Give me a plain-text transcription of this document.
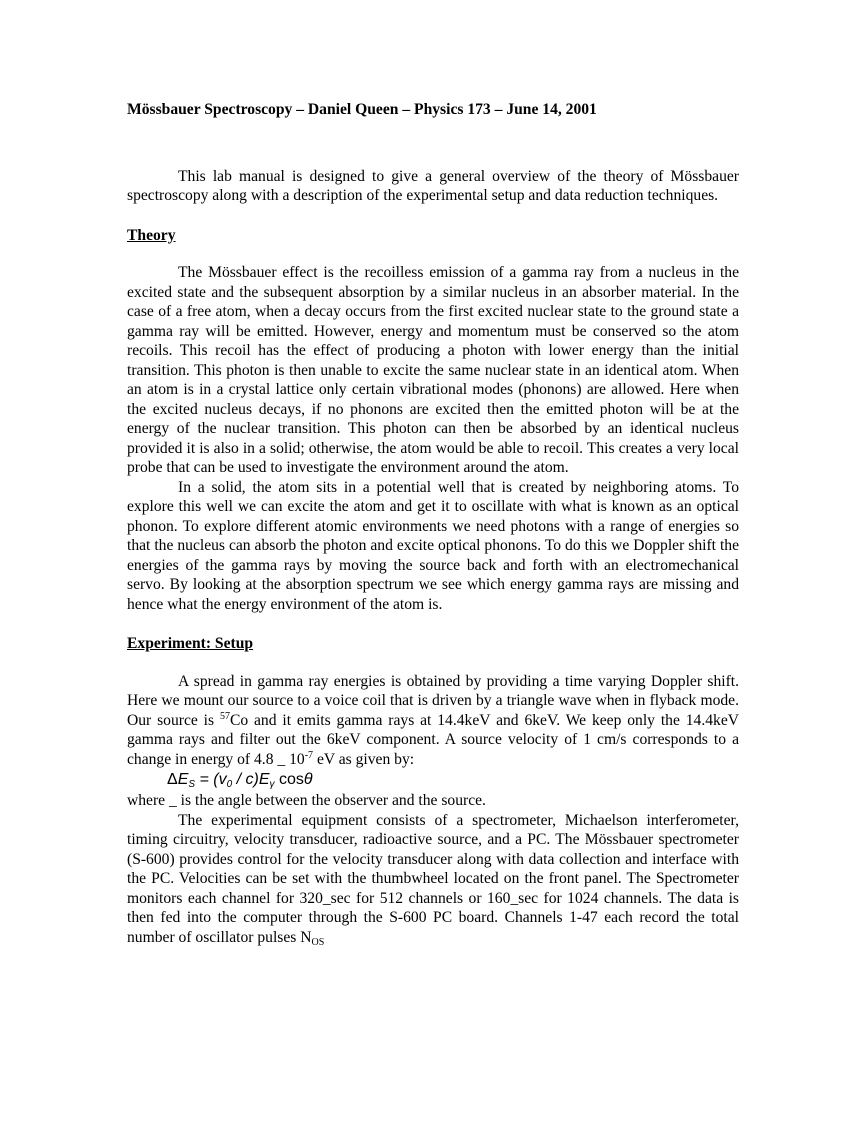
Mössbauer Spectroscopy – Daniel Queen – Physics 173 – June 14, 2001

This lab manual is designed to give a general overview of the theory of Mössbauer spectroscopy along with a description of the experimental setup and data reduction techniques.

Theory

The Mössbauer effect is the recoilless emission of a gamma ray from a nucleus in the excited state and the subsequent absorption by a similar nucleus in an absorber material. In the case of a free atom, when a decay occurs from the first excited nuclear state to the ground state a gamma ray will be emitted. However, energy and momentum must be conserved so the atom recoils. This recoil has the effect of producing a photon with lower energy than the initial transition. This photon is then unable to excite the same nuclear state in an identical atom. When an atom is in a crystal lattice only certain vibrational modes (phonons) are allowed. Here when the excited nucleus decays, if no phonons are excited then the emitted photon will be at the energy of the nuclear transition. This photon can then be absorbed by an identical nucleus provided it is also in a solid; otherwise, the atom would be able to recoil. This creates a very local probe that can be used to investigate the environment around the atom.

In a solid, the atom sits in a potential well that is created by neighboring atoms. To explore this well we can excite the atom and get it to oscillate with what is known as an optical phonon. To explore different atomic environments we need photons with a range of energies so that the nucleus can absorb the photon and excite optical phonons. To do this we Doppler shift the energies of the gamma rays by moving the source back and forth with an electromechanical servo. By looking at the absorption spectrum we see which energy gamma rays are missing and hence what the energy environment of the atom is.

Experiment: Setup

A spread in gamma ray energies is obtained by providing a time varying Doppler shift. Here we mount our source to a voice coil that is driven by a triangle wave when in flyback mode. Our source is $^{57}$Co and it emits gamma rays at 14.4keV and 6keV. We keep only the 14.4keV gamma rays and filter out the 6keV component. A source velocity of 1 cm/s corresponds to a change in energy of 4.8 _ $10^{-7}$ eV as given by:

$\Delta E_S = (v_0 / c)E_\gamma$ cosθ

where _ is the angle between the observer and the source.

The experimental equipment consists of a spectrometer, Michaelson interferometer, timing circuitry, velocity transducer, radioactive source, and a PC. The Mössbauer spectrometer (S-600) provides control for the velocity transducer along with data collection and interface with the PC. Velocities can be set with the thumbwheel located on the front panel. The Spectrometer monitors each channel for 320_sec for 512 channels or 160_sec for 1024 channels. The data is then fed into the computer through the S-600 PC board. Channels 1-47 each record the total number of oscillator pulses $N_{OS}$
